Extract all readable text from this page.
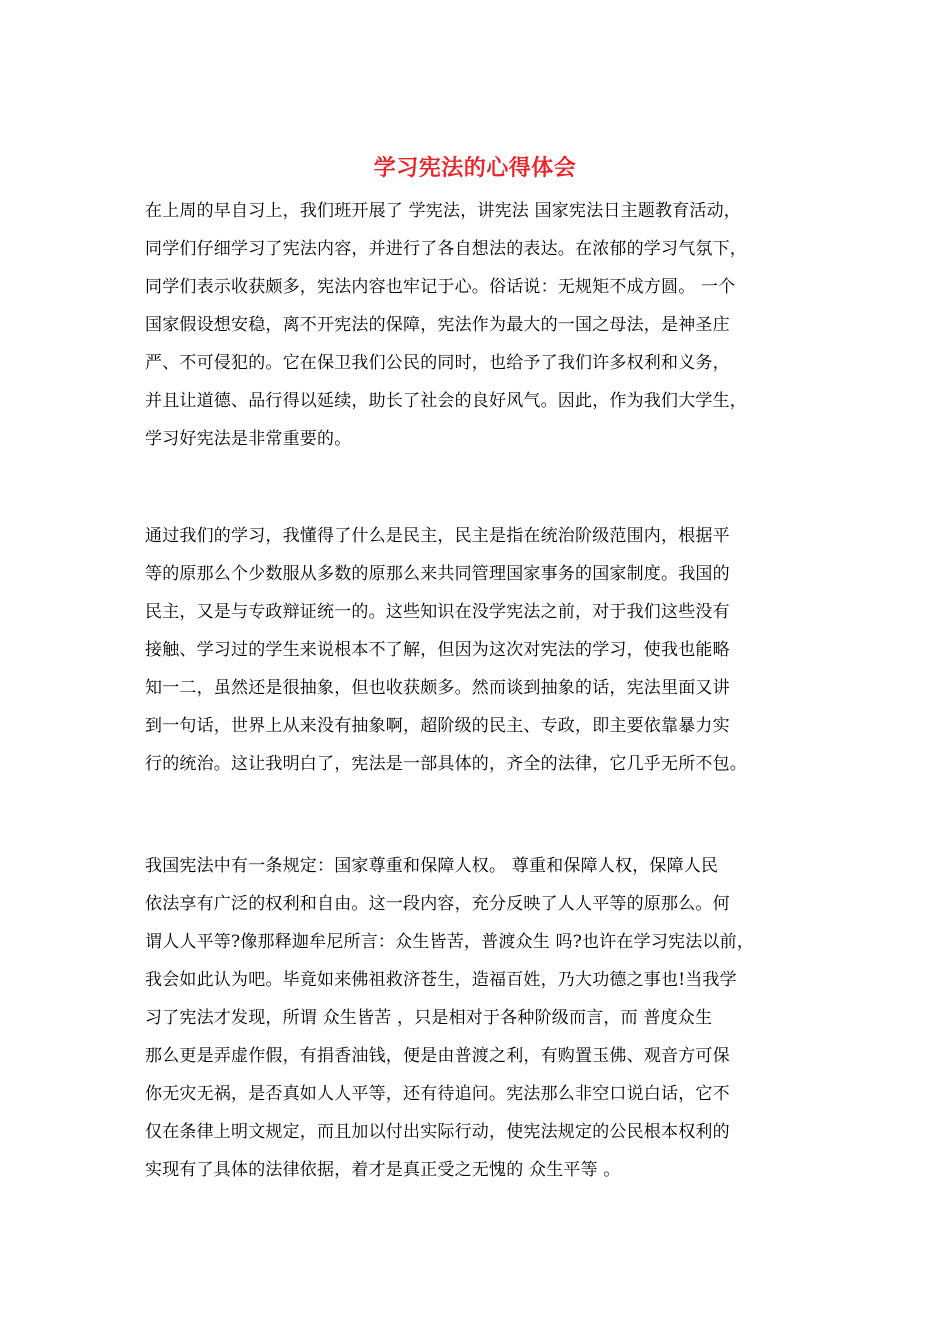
学习宪法的心得体会
在上周的早自习上，我们班开展了 学宪法，讲宪法 国家宪法日主题教育活动，
同学们仔细学习了宪法内容，并进行了各自想法的表达。在浓郁的学习气氛下，
同学们表示收获颇多，宪法内容也牢记于心。俗话说：无规矩不成方圆。 一个
国家假设想安稳，离不开宪法的保障，宪法作为最大的一国之母法，是神圣庄
严、不可侵犯的。它在保卫我们公民的同时，也给予了我们许多权利和义务，
并且让道德、品行得以延续，助长了社会的良好风气。因此，作为我们大学生，
学习好宪法是非常重要的。
通过我们的学习，我懂得了什么是民主，民主是指在统治阶级范围内，根据平
等的原那么个少数服从多数的原那么来共同管理国家事务的国家制度。我国的
民主，又是与专政辩证统一的。这些知识在没学宪法之前，对于我们这些没有
接触、学习过的学生来说根本不了解，但因为这次对宪法的学习，使我也能略
知一二，虽然还是很抽象，但也收获颇多。然而谈到抽象的话，宪法里面又讲
到一句话，世界上从来没有抽象啊，超阶级的民主、专政，即主要依靠暴力实
行的统治。这让我明白了，宪法是一部具体的，齐全的法律，它几乎无所不包。
我国宪法中有一条规定：国家尊重和保障人权。 尊重和保障人权，保障人民
依法享有广泛的权利和自由。这一段内容，充分反映了人人平等的原那么。何
谓人人平等?像那释迦牟尼所言：众生皆苦，普渡众生 吗?也许在学习宪法以前，
我会如此认为吧。毕竟如来佛祖救济苍生，造福百姓，乃大功德之事也!当我学
习了宪法才发现，所谓 众生皆苦 ，只是相对于各种阶级而言，而 普度众生
那么更是弄虚作假，有捐香油钱，便是由普渡之利，有购置玉佛、观音方可保
你无灾无祸，是否真如人人平等，还有待追问。宪法那么非空口说白话，它不
仅在条律上明文规定，而且加以付出实际行动，使宪法规定的公民根本权利的
实现有了具体的法律依据，着才是真正受之无愧的 众生平等 。
